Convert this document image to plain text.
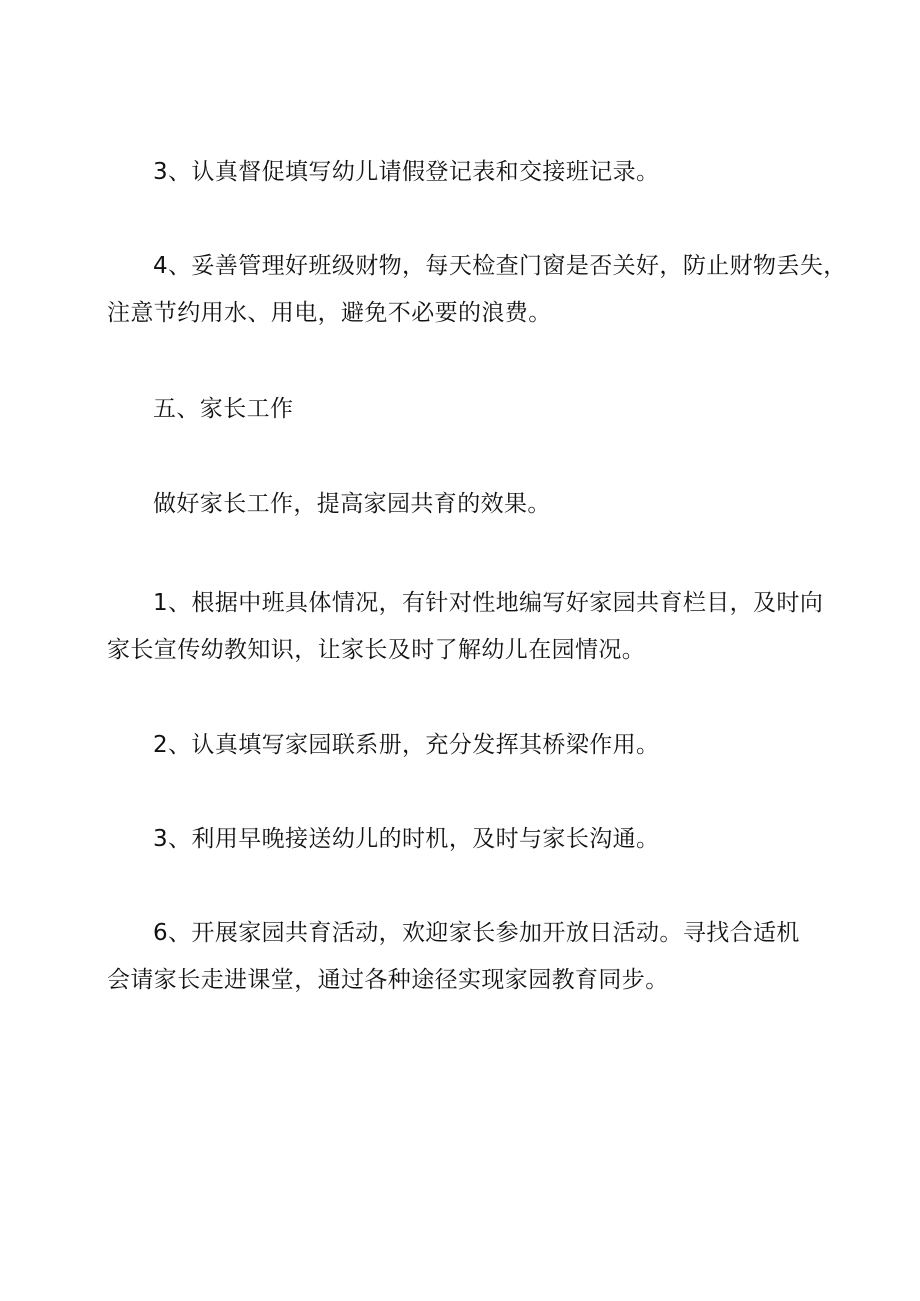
3、认真督促填写幼儿请假登记表和交接班记录。

4、妥善管理好班级财物，每天检查门窗是否关好，防止财物丢失，
注意节约用水、用电，避免不必要的浪费。

五、家长工作

做好家长工作，提高家园共育的效果。

1、根据中班具体情况，有针对性地编写好家园共育栏目，及时向
家长宣传幼教知识，让家长及时了解幼儿在园情况。

2、认真填写家园联系册，充分发挥其桥梁作用。

3、利用早晚接送幼儿的时机，及时与家长沟通。

6、开展家园共育活动，欢迎家长参加开放日活动。寻找合适机
会请家长走进课堂，通过各种途径实现家园教育同步。
